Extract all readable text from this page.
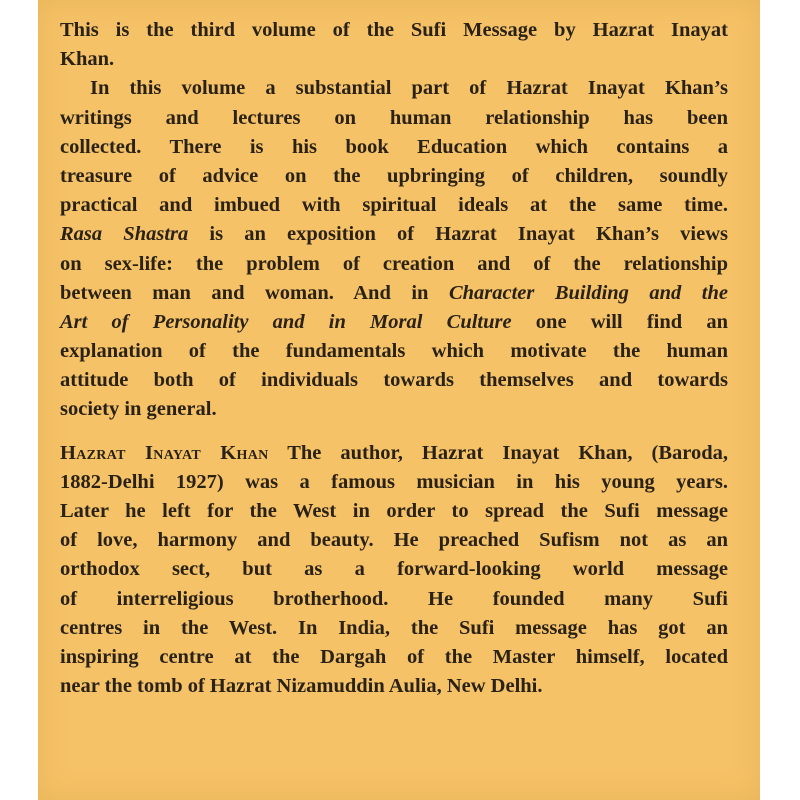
This is the third volume of the Sufi Message by Hazrat Inayat
Khan.
In this volume a substantial part of Hazrat Inayat Khan’s
writings and lectures on human relationship has been
collected. There is his book Education which contains a
treasure of advice on the upbringing of children, soundly
practical and imbued with spiritual ideals at the same time.
Rasa Shastra is an exposition of Hazrat Inayat Khan’s views
on sex-life: the problem of creation and of the relationship
between man and woman. And in Character Building and the
Art of Personality and in Moral Culture one will find an
explanation of the fundamentals which motivate the human
attitude both of individuals towards themselves and towards
society in general.
Hazrat Inayat Khan The author, Hazrat Inayat Khan, (Baroda,
1882-Delhi 1927) was a famous musician in his young years.
Later he left for the West in order to spread the Sufi message
of love, harmony and beauty. He preached Sufism not as an
orthodox sect, but as a forward-looking world message
of interreligious brotherhood. He founded many Sufi
centres in the West. In India, the Sufi message has got an
inspiring centre at the Dargah of the Master himself, located
near the tomb of Hazrat Nizamuddin Aulia, New Delhi.
